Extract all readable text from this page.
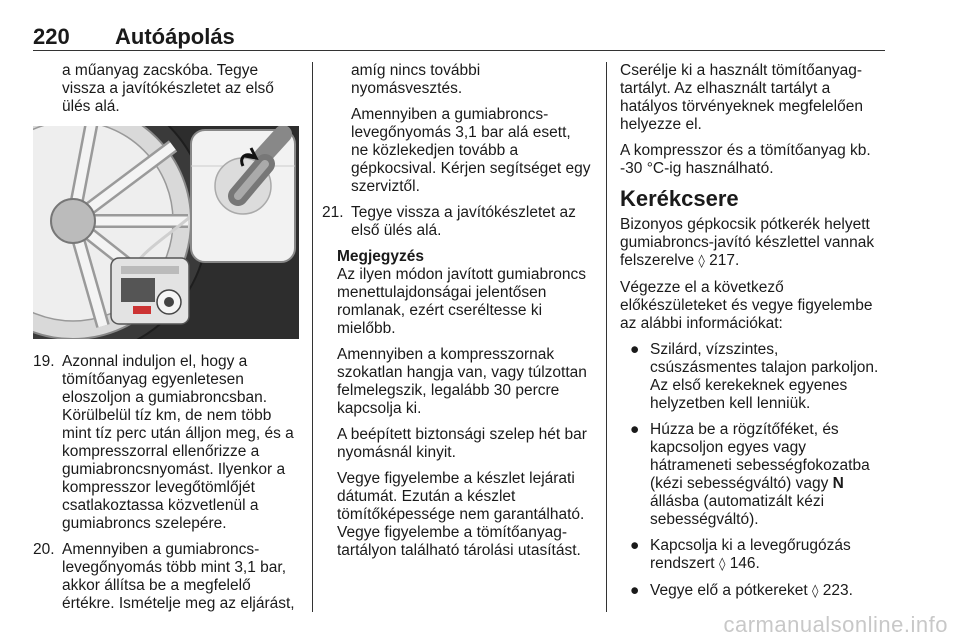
220 Autóápolás

a műanyag zacskóba. Tegye vissza a javítókészletet az első ülés alá.

19. Azonnal induljon el, hogy a tömítőanyag egyenletesen eloszoljon a gumiabroncsban. Körülbelül tíz km, de nem több mint tíz perc után álljon meg, és a kompresszorral ellenőrizze a gumiabroncsnyomást. Ilyenkor a kompresszor levegőtömlőjét csatlakoztassa közvetlenül a gumiabroncs szelepére.
20. Amennyiben a gumiabroncs-levegőnyomás több mint 3,1 bar, akkor állítsa be a megfelelő értékre. Ismételje meg az eljárást,

amíg nincs további nyomásvesztés.

Amennyiben a gumiabroncs-levegőnyomás 3,1 bar alá esett, ne közlekedjen tovább a gépkocsival. Kérjen segítséget egy szerviztől.

21. Tegye vissza a javítókészletet az első ülés alá.

Megjegyzés

Az ilyen módon javított gumiabroncs menettulajdonságai jelentősen romlanak, ezért cseréltesse ki mielőbb.

Amennyiben a kompresszornak szokatlan hangja van, vagy túlzottan felmelegszik, legalább 30 percre kapcsolja ki.

A beépített biztonsági szelep hét bar nyomásnál kinyit.

Vegye figyelembe a készlet lejárati dátumát. Ezután a készlet tömítőképessége nem garantálható. Vegye figyelembe a tömítőanyag-tartályon található tárolási utasítást.

Cserélje ki a használt tömítőanyag-tartályt. Az elhasznált tartályt a hatályos törvényeknek megfelelően helyezze el.

A kompresszor és a tömítőanyag kb. -30 °C-ig használható.

Kerékcsere

Bizonyos gépkocsik pótkerék helyett gumiabroncs-javító készlettel vannak felszerelve ◊ 217.

Végezze el a következő előkészületeket és vegye figyelembe az alábbi információkat:

● Szilárd, vízszintes, csúszásmentes talajon parkoljon. Az első kerekeknek egyenes helyzetben kell lenniük.
● Húzza be a rögzítőféket, és kapcsoljon egyes vagy hátrameneti sebességfokozatba (kézi sebességváltó) vagy N állásba (automatizált kézi sebességváltó).
● Kapcsolja ki a levegőrugózás rendszert ◊ 146.
● Vegye elő a pótkereket ◊ 223.
carmanualsonline.info
